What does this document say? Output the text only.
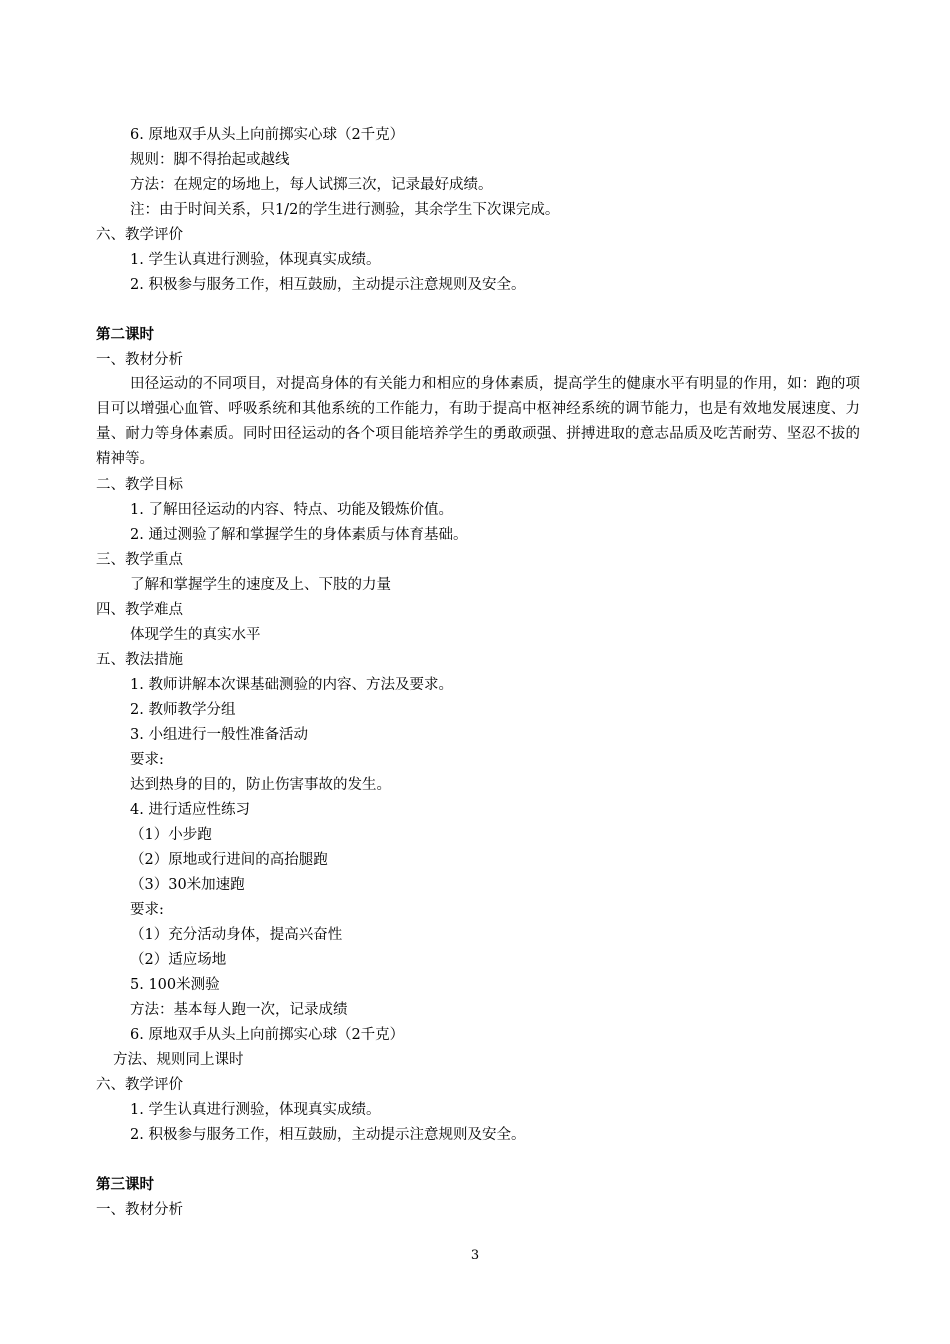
6. 原地双手从头上向前掷实心球（2千克）
规则：脚不得抬起或越线
方法：在规定的场地上，每人试掷三次，记录最好成绩。
注：由于时间关系，只1/2的学生进行测验，其余学生下次课完成。
六、教学评价
1. 学生认真进行测验，体现真实成绩。
2. 积极参与服务工作，相互鼓励，主动提示注意规则及安全。
第二课时
一、教材分析
田径运动的不同项目，对提高身体的有关能力和相应的身体素质，提高学生的健康水平有明显的作用，如：跑的项目可以增强心血管、呼吸系统和其他系统的工作能力，有助于提高中枢神经系统的调节能力，也是有效地发展速度、力量、耐力等身体素质。同时田径运动的各个项目能培养学生的勇敢顽强、拼搏进取的意志品质及吃苦耐劳、坚忍不拔的精神等。
二、教学目标
1. 了解田径运动的内容、特点、功能及锻炼价值。
2. 通过测验了解和掌握学生的身体素质与体育基础。
三、教学重点
了解和掌握学生的速度及上、下肢的力量
四、教学难点
体现学生的真实水平
五、教法措施
1. 教师讲解本次课基础测验的内容、方法及要求。
2. 教师教学分组
3. 小组进行一般性准备活动
要求:
达到热身的目的，防止伤害事故的发生。
4. 进行适应性练习
（1）小步跑
（2）原地或行进间的高抬腿跑
（3）30米加速跑
要求:
（1）充分活动身体，提高兴奋性
（2）适应场地
5. 100米测验
方法：基本每人跑一次，记录成绩
6. 原地双手从头上向前掷实心球（2千克）
方法、规则同上课时
六、教学评价
1. 学生认真进行测验，体现真实成绩。
2. 积极参与服务工作，相互鼓励，主动提示注意规则及安全。
第三课时
一、教材分析
3
